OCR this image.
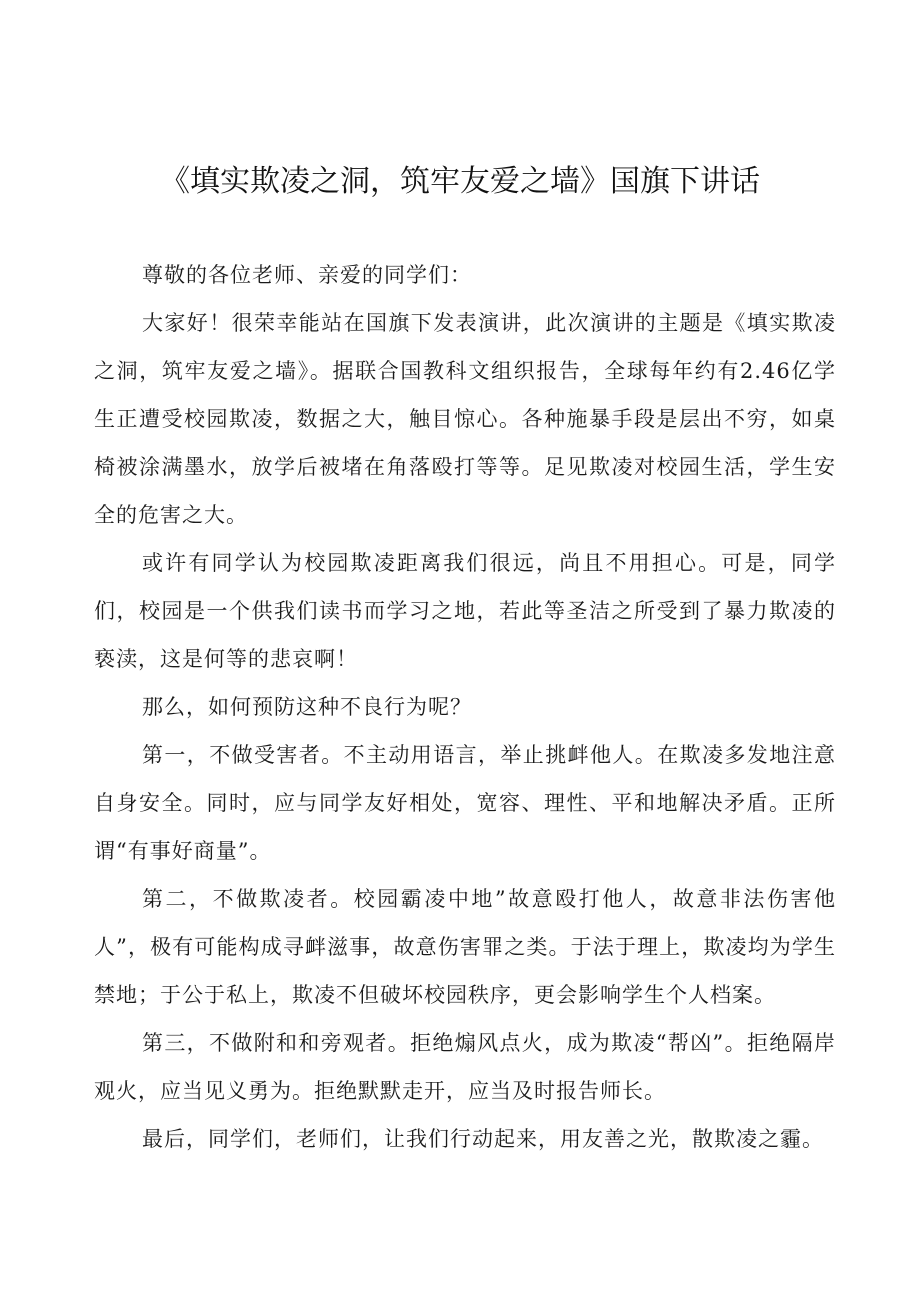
《填实欺凌之洞，筑牢友爱之墙》国旗下讲话

尊敬的各位老师、亲爱的同学们：

大家好！很荣幸能站在国旗下发表演讲，此次演讲的主题是《填实欺凌之洞，筑牢友爱之墙》。据联合国教科文组织报告，全球每年约有2.46亿学生正遭受校园欺凌，数据之大，触目惊心。各种施暴手段是层出不穷，如桌椅被涂满墨水，放学后被堵在角落殴打等等。足见欺凌对校园生活，学生安全的危害之大。

或许有同学认为校园欺凌距离我们很远，尚且不用担心。可是，同学们，校园是一个供我们读书而学习之地，若此等圣洁之所受到了暴力欺凌的亵渎，这是何等的悲哀啊！

那么，如何预防这种不良行为呢？

第一，不做受害者。不主动用语言，举止挑衅他人。在欺凌多发地注意自身安全。同时，应与同学友好相处，宽容、理性、平和地解决矛盾。正所谓“有事好商量”。

第二，不做欺凌者。校园霸凌中地”故意殴打他人，故意非法伤害他人”，极有可能构成寻衅滋事，故意伤害罪之类。于法于理上，欺凌均为学生禁地；于公于私上，欺凌不但破坏校园秩序，更会影响学生个人档案。

第三，不做附和和旁观者。拒绝煽风点火，成为欺凌“帮凶”。拒绝隔岸观火，应当见义勇为。拒绝默默走开，应当及时报告师长。

最后，同学们，老师们，让我们行动起来，用友善之光，散欺凌之霾。
